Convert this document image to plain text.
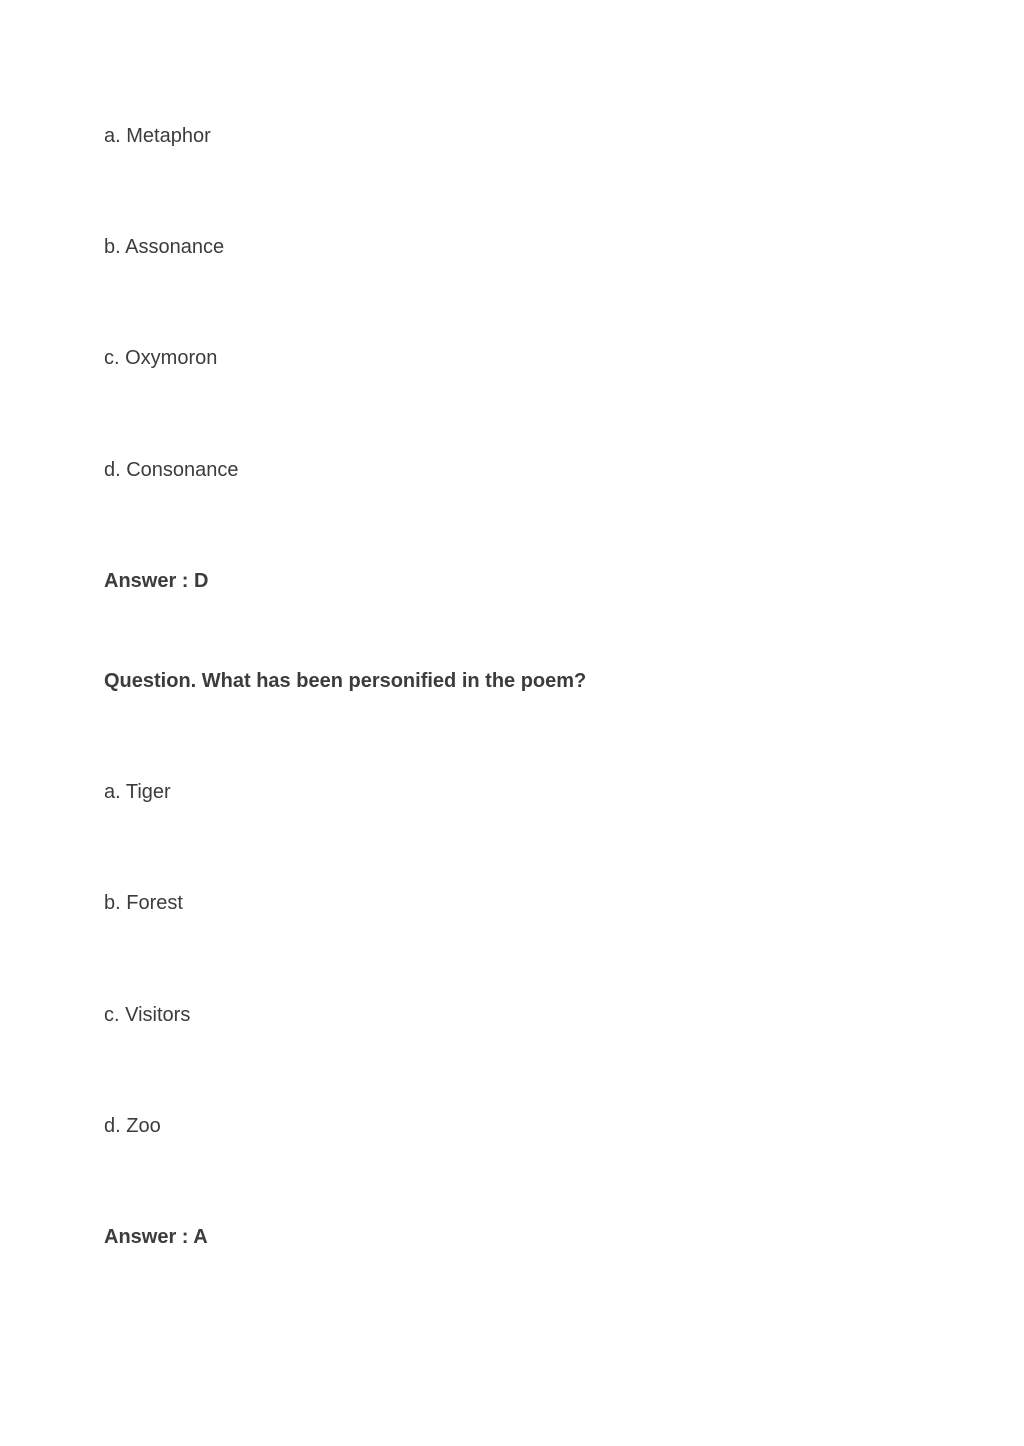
a. Metaphor
b. Assonance
c. Oxymoron
d. Consonance
Answer : D
Question. What has been personified in the poem?
a. Tiger
b. Forest
c. Visitors
d. Zoo
Answer : A
